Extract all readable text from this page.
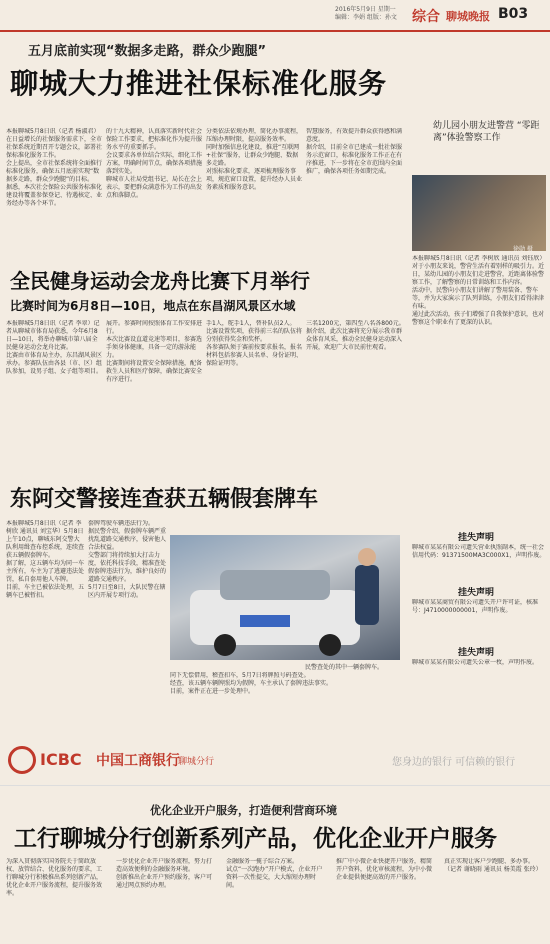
2016年5月9日 星期一
编辑：李娟 组版：孙文 综合 聊城晚报 B03
五月底前实现“数据多走路，群众少跑腿”
聊城大力推进社保标准化服务
本报聊城5月8日讯（记者 杨淑君）在日益增长的社保服务需求下，全市社保系统近期召开专题会议，部署社保标准化服务工作。
会上提出，全市社保系统将全面推行标准化服务，确保五月底前实现“数据多走路，群众少跑腿”的目标。
据悉，本次社会保险公共服务标准化建设将覆盖参保登记、待遇核定、业务经办等各个环节。
的十九大精神，认真落实新时代社会保险工作要求，把标准化作为提升服务水平的重要抓手。
会议要求各单位结合实际，细化工作方案，明确时间节点，确保各项措施落到实处。
聊城市人社局党组书记、局长在会上表示，要把群众满意作为工作的出发点和落脚点。
分类依法依规办理，简化办事流程，压缩办理时限，提高服务效率。
同时加强信息化建设，推进“互联网+社保”服务，让群众少跑腿、数据多走路。
对照标准化要求，逐项梳理服务事项，规范窗口设置，提升经办人员业务素质和服务意识。
智慧服务，有效提升群众获得感和满意度。
据介绍，目前全市已建成一批社保服务示范窗口，标准化服务工作正在有序推进，下一步将在全市范围内全面推广，确保各项任务如期完成。
幼儿园小朋友进警营 “零距离”体验警察工作
徐勋 摄
本报聊城5月8日讯（记者 李树欣 通讯员 刘钰欣）对于小朋友来说，警营生活有着别样的吸引力。近日，某幼儿园的小朋友们走进警营，近距离体验警察工作，了解警察的日常训练和工作内容。
活动中，民警向小朋友们讲解了警用装备、警车等，并为大家演示了队列训练，小朋友们看得津津有味。
通过此次活动，孩子们增强了自我保护意识，也对警察这个职业有了更深的认识。
全民健身运动会龙舟比赛下月举行
比赛时间为6月8日—10日，地点在东昌湖风景区水域
本报聊城5月8日讯（记者 李翠）记者从聊城市体育局获悉，今年6月8日—10日，将举办聊城市第八届全民健身运动会龙舟比赛。
比赛由市体育局主办，东昌湖风景区承办。参赛队伍由各县（市、区）组队参加，设男子组、女子组等项目。
展开。参赛时间按照体育工作安排进行。
本次比赛设直道竞速等项目，参赛选手须身体健康，具备一定的游泳能力。
比赛期间将设置安全保障措施，配备救生人员和医疗保障，确保比赛安全有序进行。
手1人，舵手1人，替补队员2人。
比赛设置奖项，获得前三名的队伍将分别获得奖金和奖杯。
各参赛队须于赛前按要求报名，报名材料包括参赛人员名单、身份证明、保险证明等。
三名1200元，第四至八名各800元。
据介绍，此次比赛将充分展示我市群众体育风采，推动全民健身运动深入开展，欢迎广大市民前往观看。
东阿交警接连查获五辆假套牌车
本报聊城5月8日讯（记者 李树欣 通讯员 刘宝华）5月8日上午10点，聊城东阿交警大队利用缉查布控系统，连续查获五辆假套牌车。
据了解，这五辆车均为同一车主所有，车主为了逃避违法处罚，私自套用他人车牌。
目前，车主已被依法处理，五辆车已被暂扣。
套牌驾驶车辆违法行为。
据民警介绍，假套牌车辆严重扰乱道路交通秩序，侵害他人合法权益。
交警部门将持续加大打击力度，依托科技手段，精准查处假套牌违法行为，维护良好的道路交通秩序。
5月7日至8日，大队民警在辖区内开展专项行动。
民警查处的其中一辆套牌车。
同下无偿借用，稽查扣车，5月7日将牌照号码查处。
经查，该五辆车辆牌照均为假牌，车主承认了套牌违法事实。
目前，案件正在进一步处理中。
挂失声明
聊城市某某有限公司遗失营业执照副本，统一社会信用代码：91371500MA3C000X1，声明作废。
挂失声明
聊城市某某商贸有限公司遗失开户许可证，核准号：J4710000000001，声明作废。
挂失声明
聊城市某某有限公司遗失公章一枚，声明作废。
ICBC 中国工商银行
聊城分行	您身边的银行 可信赖的银行
优化企业开户服务，打造便利营商环境
工行聊城分行创新系列产品，优化企业开户服务
为深入贯彻落实国务院关于简政放权、放管结合、优化服务的要求，工行聊城分行积极推出系列创新产品，优化企业开户服务流程，提升服务效率。
一步优化企业开户服务流程，努力打造高效便利的金融服务环境。
创新推出企业开户预约服务，客户可通过网点预约办理。
金融服务一揽子综合方案。
试点“一次跑办”开户模式，企业开户资料一次性提交，大大缩短办理时间。
推广中小微企业快捷开户服务，精简开户资料，优化审核流程，为中小微企业提供便捷高效的开户服务。
真正实现让客户少跑腿、多办事。
（记者 谢晓雨 通讯员 杨美霞 张玲）
